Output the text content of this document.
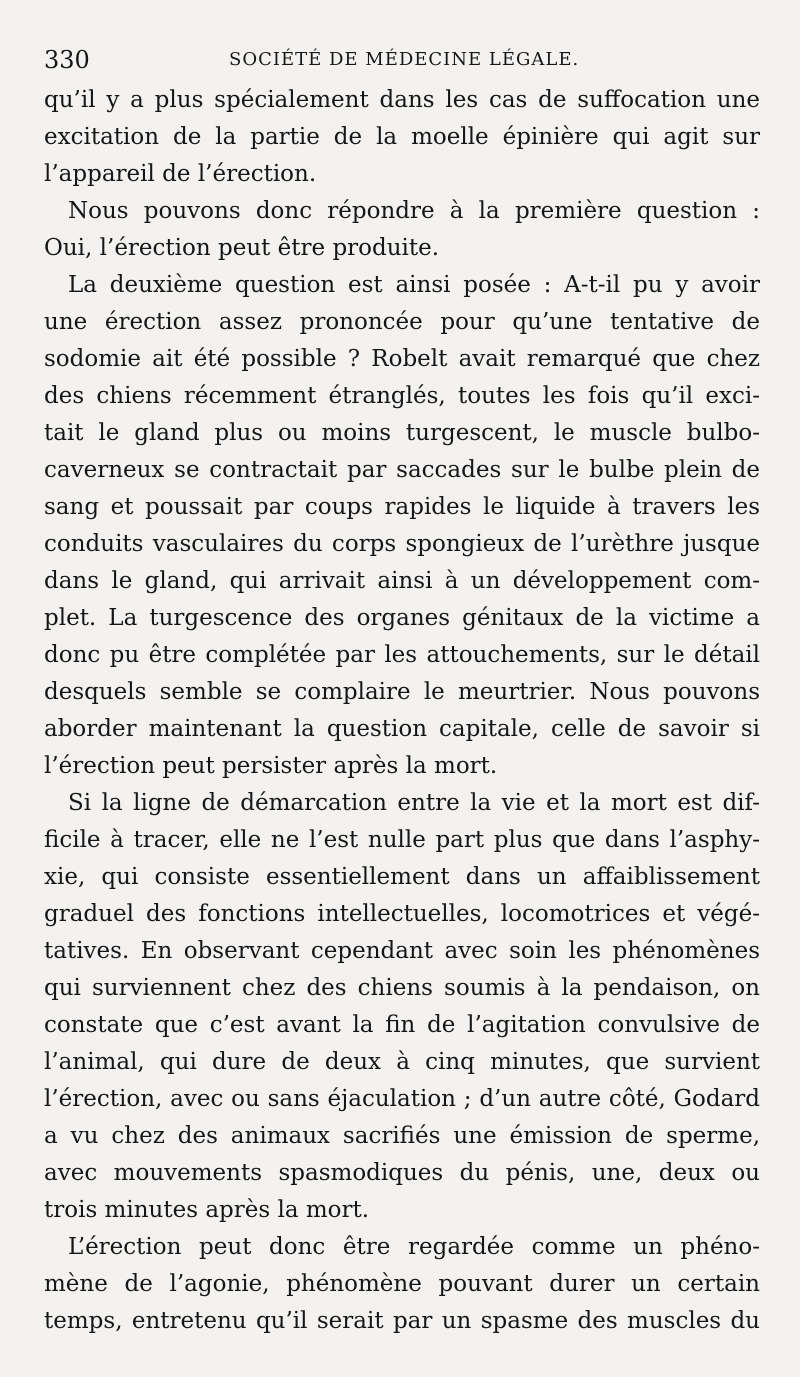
330	SOCIÉTÉ DE MÉDECINE LÉGALE.
qu’il y a plus spécialement dans les cas de suffocation une
excitation de la partie de la moelle épinière qui agit sur
l’appareil de l’érection.
Nous pouvons donc répondre à la première question :
Oui, l’érection peut être produite.
La deuxième question est ainsi posée : A-t-il pu y avoir
une érection assez prononcée pour qu’une tentative de
sodomie ait été possible ? Robelt avait remarqué que chez
des chiens récemment étranglés, toutes les fois qu’il exci-
tait le gland plus ou moins turgescent, le muscle bulbo-
caverneux se contractait par saccades sur le bulbe plein de
sang et poussait par coups rapides le liquide à travers les
conduits vasculaires du corps spongieux de l’urèthre jusque
dans le gland, qui arrivait ainsi à un développement com-
plet. La turgescence des organes génitaux de la victime a
donc pu être complétée par les attouchements, sur le détail
desquels semble se complaire le meurtrier. Nous pouvons
aborder maintenant la question capitale, celle de savoir si
l’érection peut persister après la mort.
Si la ligne de démarcation entre la vie et la mort est dif-
ficile à tracer, elle ne l’est nulle part plus que dans l’asphy-
xie, qui consiste essentiellement dans un affaiblissement
graduel des fonctions intellectuelles, locomotrices et végé-
tatives. En observant cependant avec soin les phénomènes
qui surviennent chez des chiens soumis à la pendaison, on
constate que c’est avant la fin de l’agitation convulsive de
l’animal, qui dure de deux à cinq minutes, que survient
l’érection, avec ou sans éjaculation ; d’un autre côté, Godard
a vu chez des animaux sacrifiés une émission de sperme,
avec mouvements spasmodiques du pénis, une, deux ou
trois minutes après la mort.
L’érection peut donc être regardée comme un phéno-
mène de l’agonie, phénomène pouvant durer un certain
temps, entretenu qu’il serait par un spasme des muscles du
